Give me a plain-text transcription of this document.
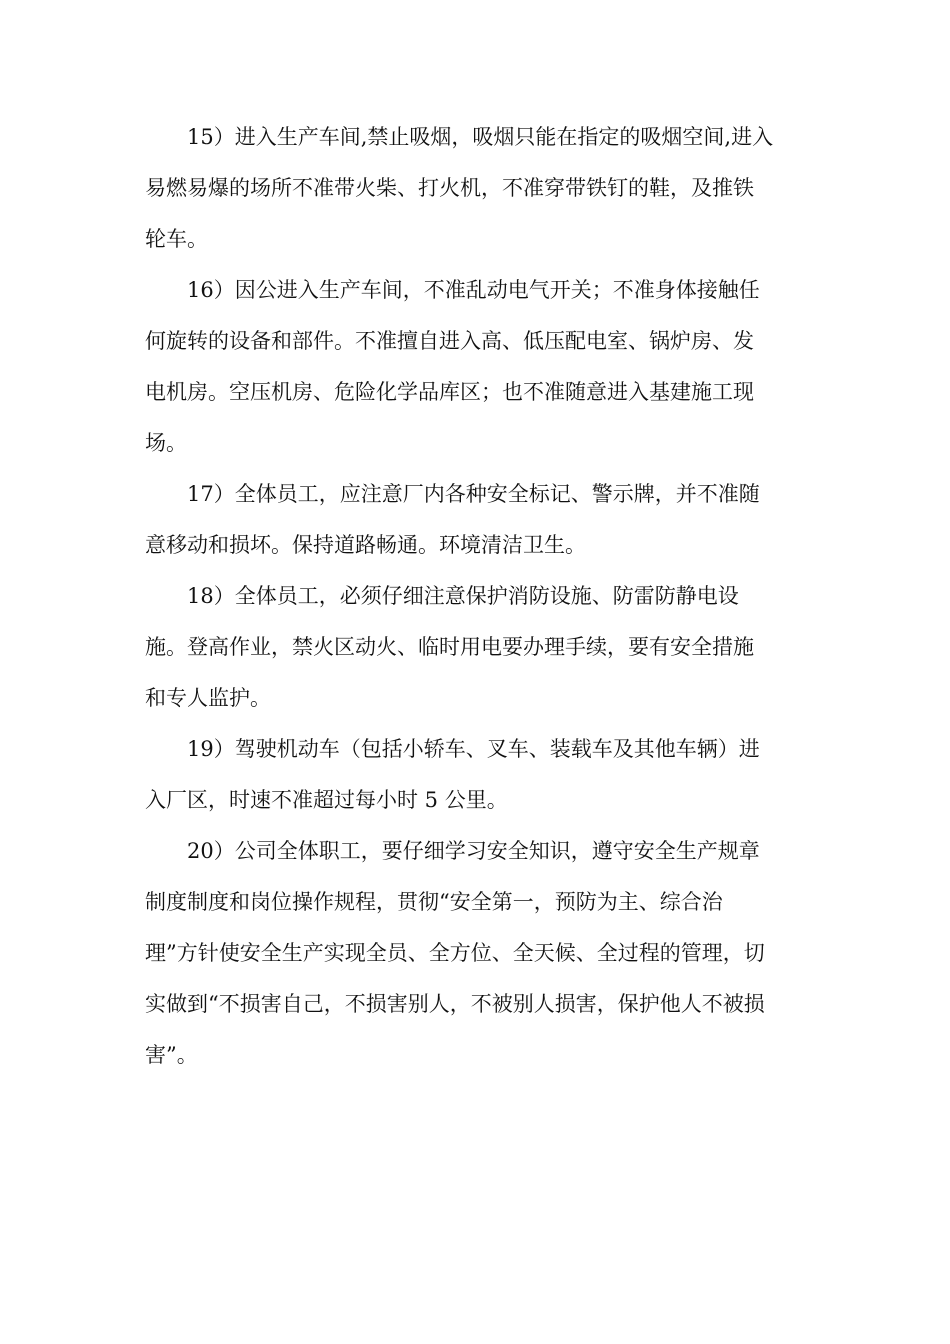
15）进入生产车间,禁止吸烟，吸烟只能在指定的吸烟空间,进入
易燃易爆的场所不准带火柴、打火机，不准穿带铁钉的鞋，及推铁
轮车。

16）因公进入生产车间，不准乱动电气开关；不准身体接触任
何旋转的设备和部件。不准擅自进入高、低压配电室、锅炉房、发
电机房。空压机房、危险化学品库区；也不准随意进入基建施工现
场。

17）全体员工，应注意厂内各种安全标记、警示牌，并不准随
意移动和损坏。保持道路畅通。环境清洁卫生。

18）全体员工，必须仔细注意保护消防设施、防雷防静电设
施。登高作业，禁火区动火、临时用电要办理手续，要有安全措施
和专人监护。

19）驾驶机动车（包括小轿车、叉车、装载车及其他车辆）进
入厂区，时速不准超过每小时 5 公里。

20）公司全体职工，要仔细学习安全知识，遵守安全生产规章
制度制度和岗位操作规程，贯彻“安全第一，预防为主、综合治
理”方针使安全生产实现全员、全方位、全天候、全过程的管理，切
实做到“不损害自己，不损害别人，不被别人损害，保护他人不被损
害”。
